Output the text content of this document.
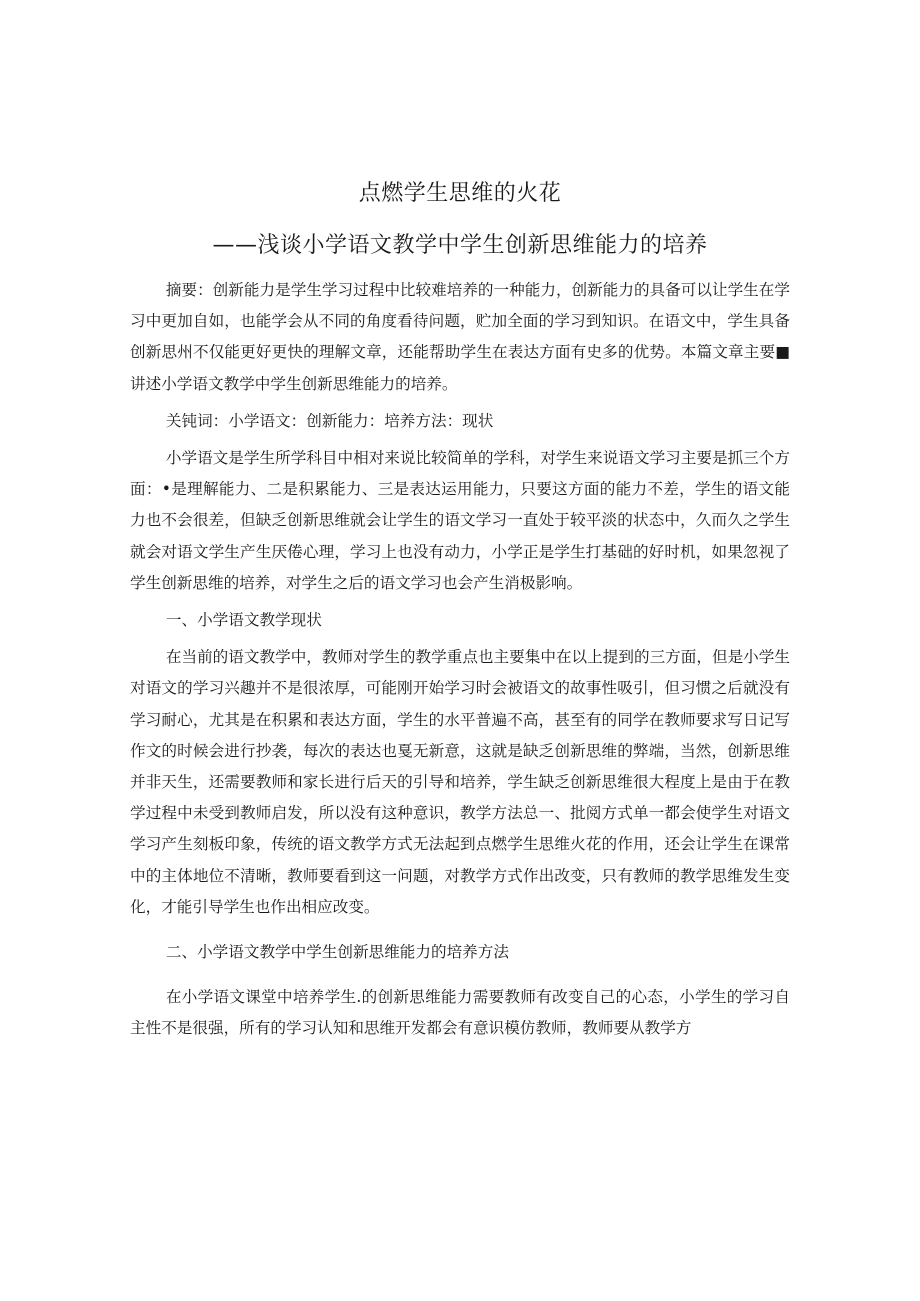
点燃学生思维的火花
——浅谈小学语文教学中学生创新思维能力的培养

摘要：创新能力是学生学习过程中比较难培养的一种能力，创新能力的具备可以让学生在学习中更加自如，也能学会从不同的角度看待问题，贮加全面的学习到知识。在语文中，学生具备创新思州不仅能更好更快的理解文章，还能帮助学生在表达方面有史多的优势。本篇文章主要■讲述小学语文教学中学生创新思维能力的培养。

关钝词：小学语文：创新能力：培养方法：现状

小学语文是学生所学科目中相对来说比较简单的学科，对学生来说语文学习主要是抓三个方面：•是理解能力、二是积累能力、三是表达运用能力，只要这方面的能力不差，学生的语文能力也不会很差，但缺乏创新思维就会让学生的语文学习一直处于较平淡的状态中，久而久之学生就会对语文学生产生厌倦心理，学习上也没有动力，小学正是学生打基础的好时机，如果忽视了学生创新思维的培养，对学生之后的语文学习也会产生消极影响。

一、小学语文教学现状

在当前的语文教学中，教师对学生的教学重点也主要集中在以上提到的三方面，但是小学生对语文的学习兴趣并不是很浓厚，可能刚开始学习时会被语文的故事性吸引，但习惯之后就没有学习耐心，尤其是在积累和表达方面，学生的水平普遍不高，甚至有的同学在教师要求写日记写作文的时候会进行抄袭，每次的表达也戛无新意，这就是缺乏创新思维的弊端，当然，创新思维并非天生，还需要教师和家长进行后天的引导和培养，学生缺乏创新思维很大程度上是由于在教学过程中未受到教师启发，所以没有这种意识，教学方法总一、批阅方式单一都会使学生对语文学习产生刻板印象，传统的语文教学方式无法起到点燃学生思维火花的作用，还会让学生在课常中的主体地位不清晰，教师要看到这一问题，对教学方式作出改变，只有教师的教学思维发生变化，才能引导学生也作出相应改变。

二、小学语文教学中学生创新思维能力的培养方法

在小学语文课堂中培养学生.的创新思维能力需要教师有改变自己的心态，小学生的学习自主性不是很强，所有的学习认知和思维开发都会有意识模仿教师，教师要从教学方
